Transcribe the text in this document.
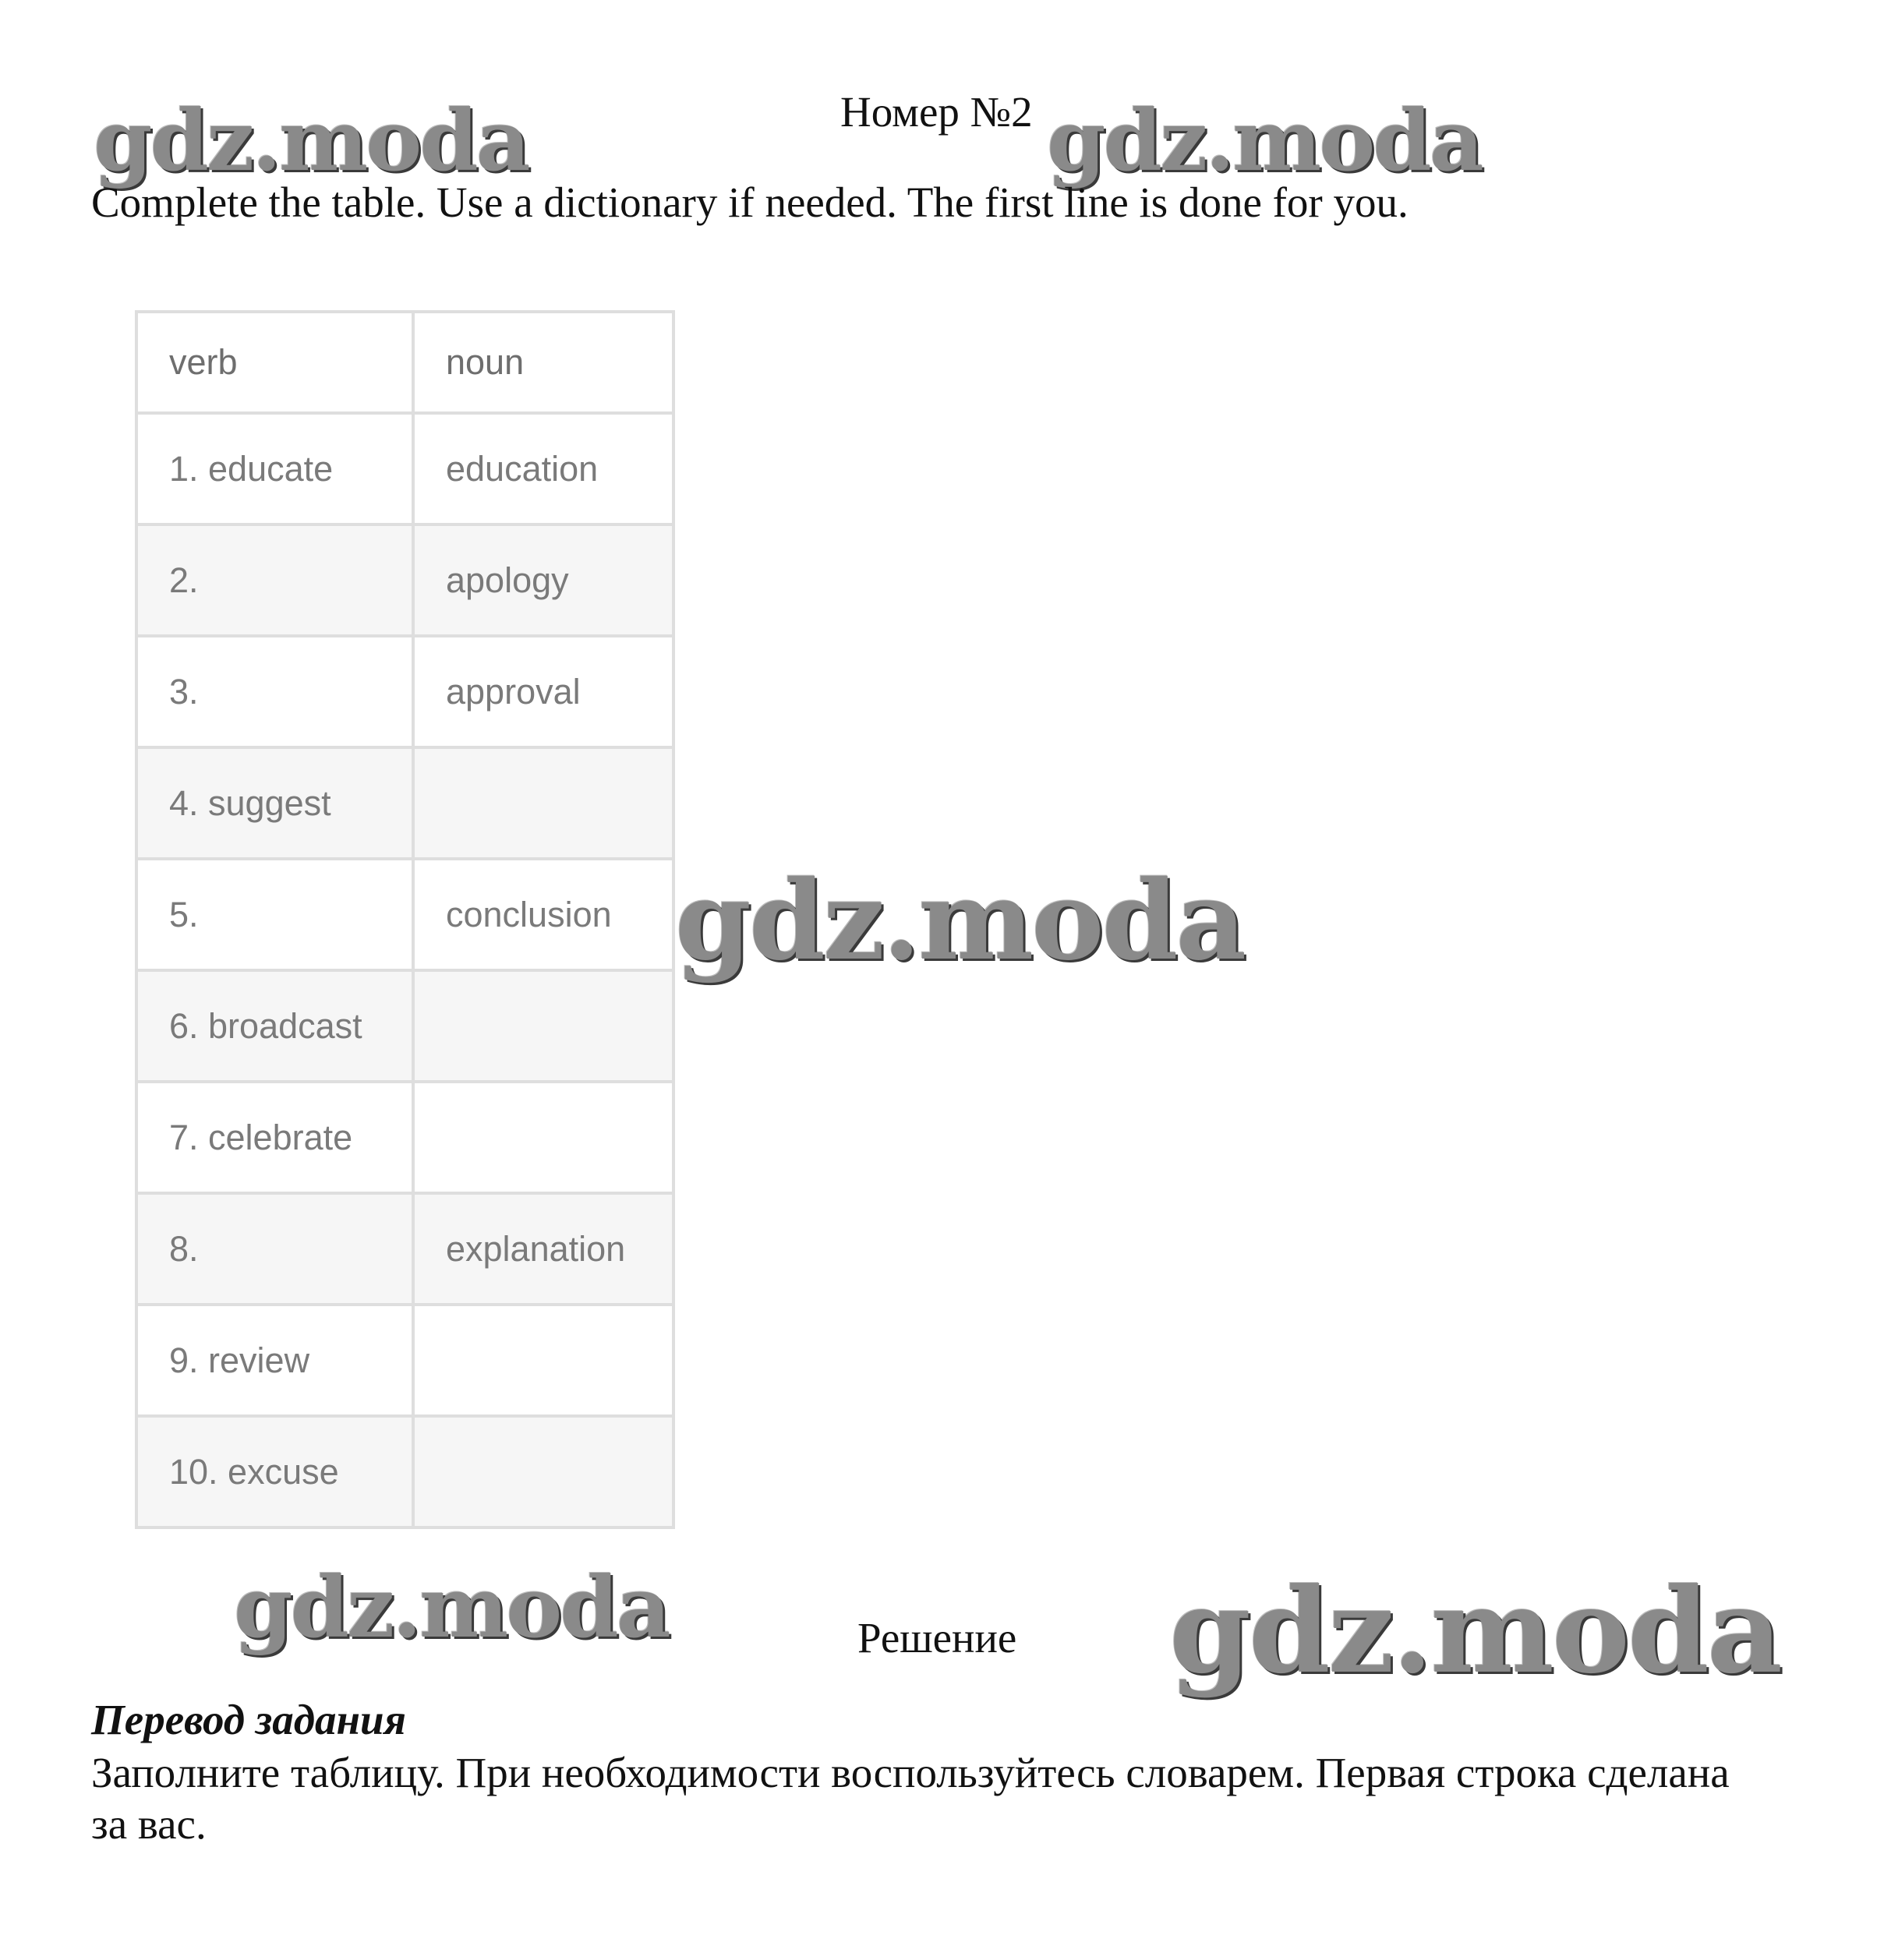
Номер №2
gdz.moda	gdz.moda
Complete the table. Use a dictionary if needed. The first line is done for you.
verb	noun
1. educate	education
2.	apology
3.	approval
4. suggest	
5.	conclusion
6. broadcast	
7. celebrate	
8.	explanation
9. review	
10. excuse	
gdz.moda
gdz.moda	gdz.moda
Решение
Перевод задания
Заполните таблицу. При необходимости воспользуйтесь словарем. Первая строка сделана за вас.
